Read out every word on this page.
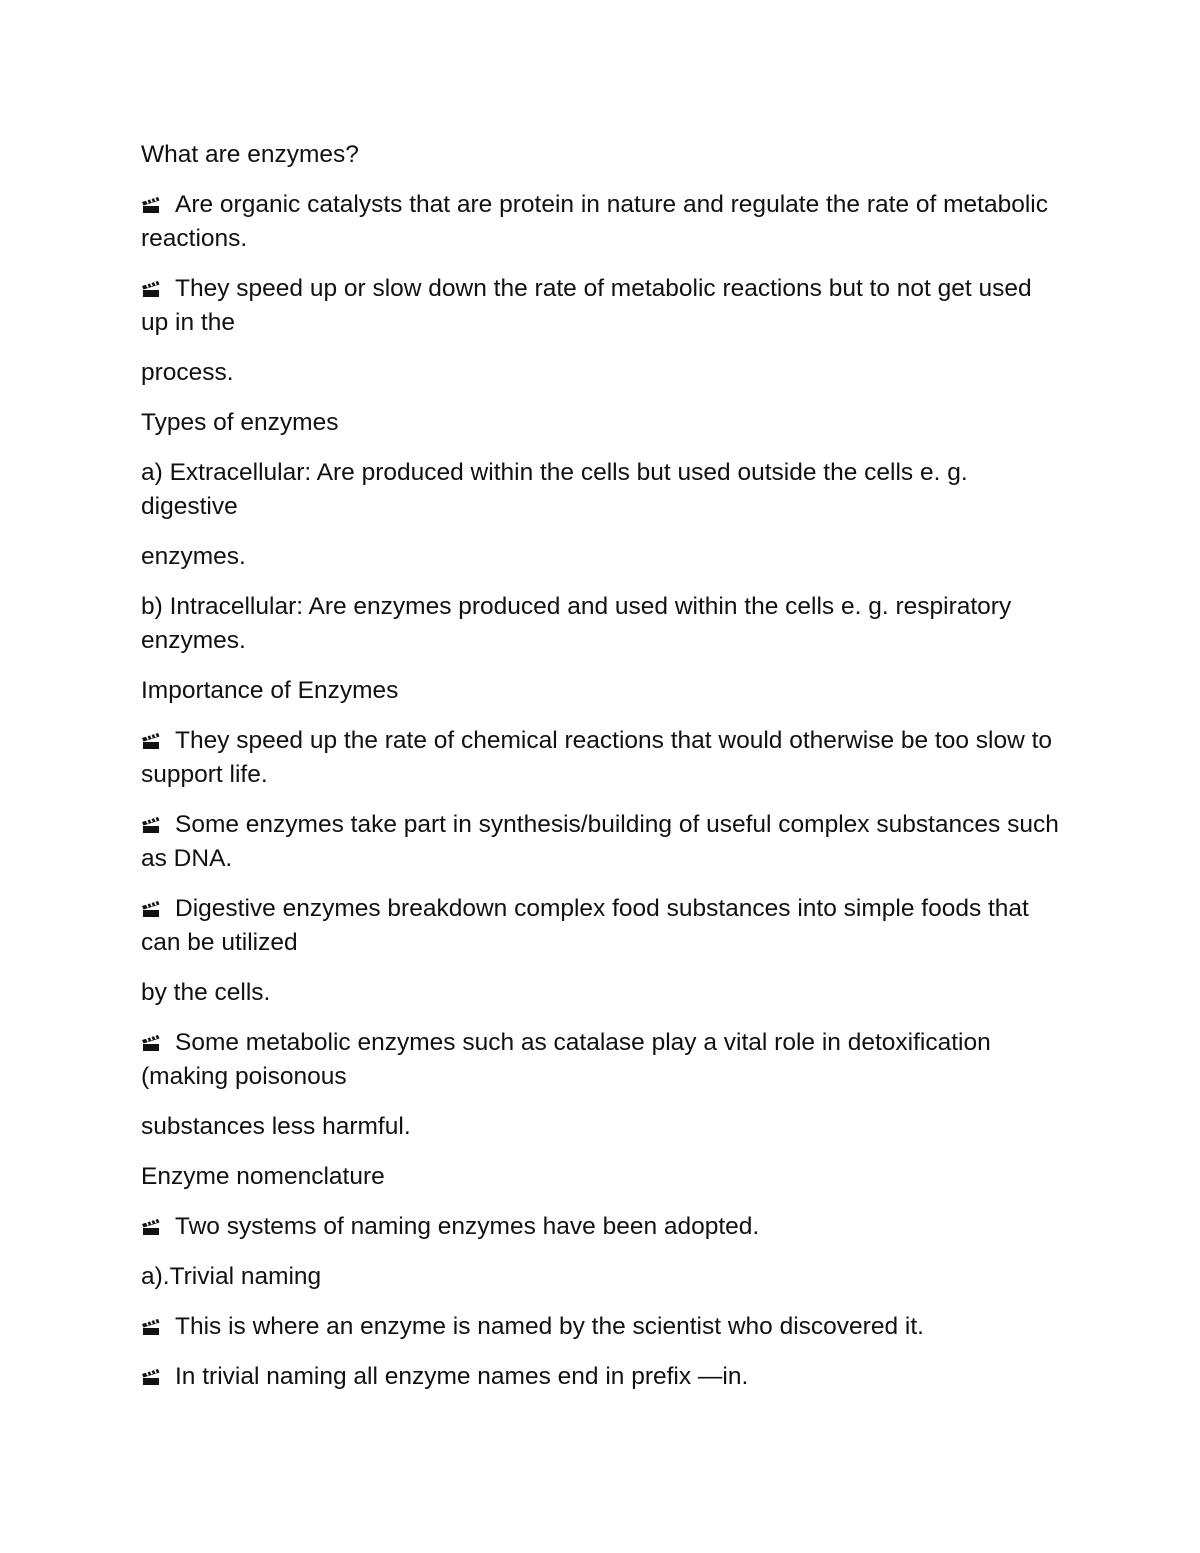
What are enzymes?
Are organic catalysts that are protein in nature and regulate the rate of metabolic reactions.
They speed up or slow down the rate of metabolic reactions but to not get used up in the
process.
Types of enzymes
a) Extracellular: Are produced within the cells but used outside the cells e. g. digestive
enzymes.
b) Intracellular: Are enzymes produced and used within the cells e. g. respiratory enzymes.
Importance of Enzymes
They speed up the rate of chemical reactions that would otherwise be too slow to support life.
Some enzymes take part in synthesis/building of useful complex substances such as DNA.
Digestive enzymes breakdown complex food substances into simple foods that can be utilized
by the cells.
Some metabolic enzymes such as catalase play a vital role in detoxification (making poisonous
substances less harmful.
Enzyme nomenclature
Two systems of naming enzymes have been adopted.
a).Trivial naming
This is where an enzyme is named by the scientist who discovered it.
In trivial naming all enzyme names end in prefix —in.
